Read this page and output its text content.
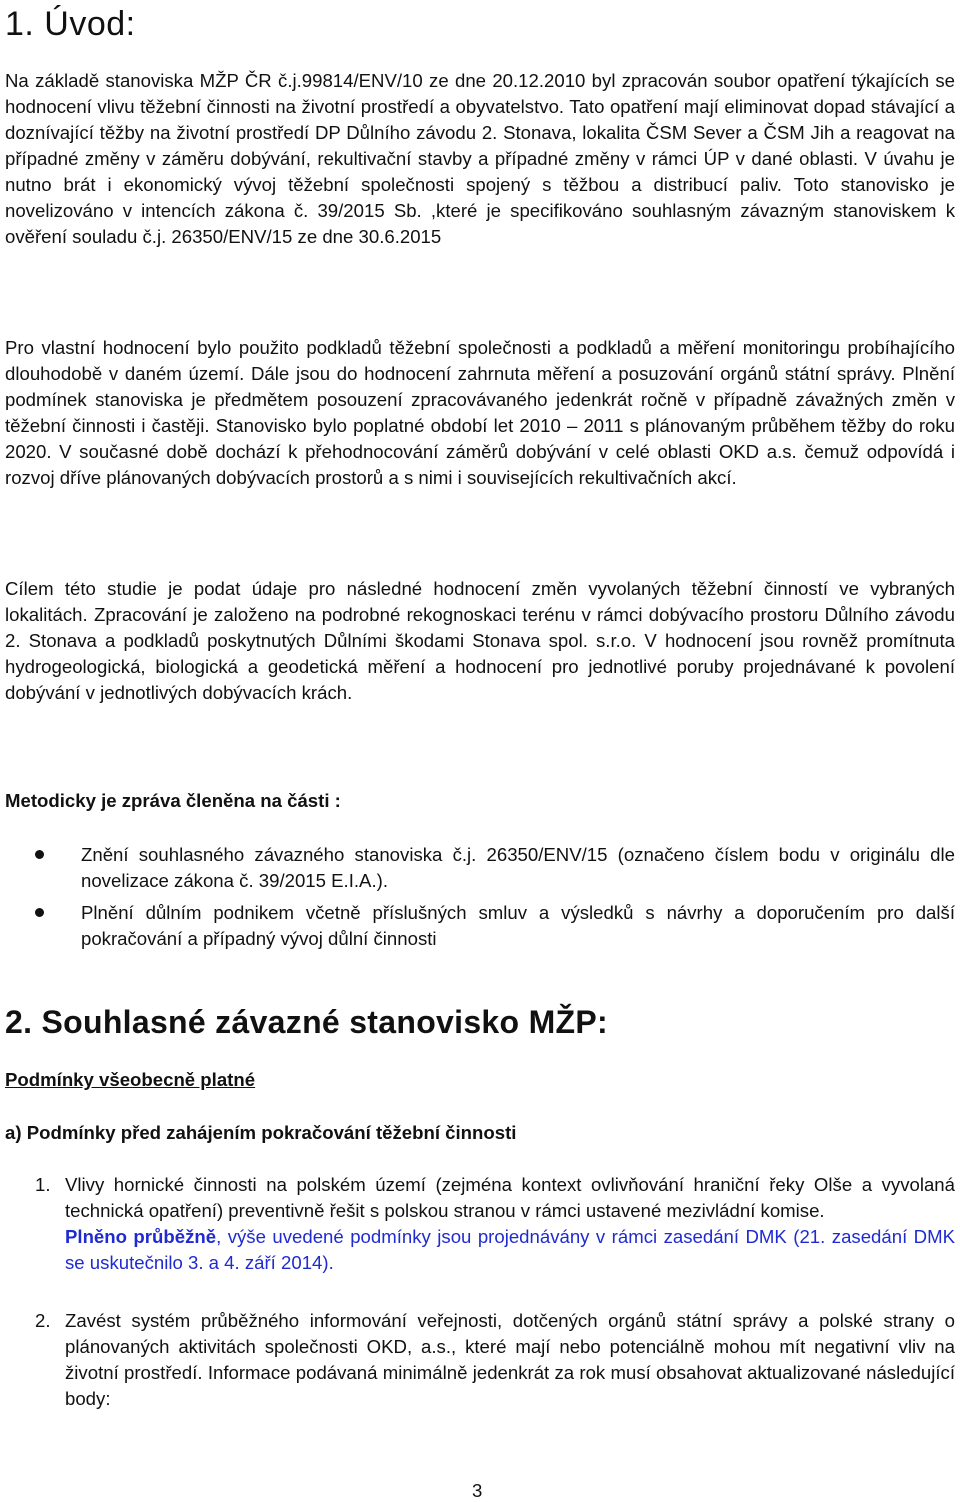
1. Úvod:

Na základě stanoviska MŽP ČR č.j.99814/ENV/10 ze dne 20.12.2010 byl zpracován soubor opatření týkajících se hodnocení vlivu těžební činnosti na životní prostředí a obyvatelstvo. Tato opatření mají eliminovat dopad stávající a doznívající těžby na životní prostředí DP Důlního závodu 2. Stonava, lokalita ČSM Sever a ČSM Jih a reagovat na případné změny v záměru dobývání, rekultivační stavby a případné změny v rámci ÚP v dané oblasti. V úvahu je nutno brát i ekonomický vývoj těžební společnosti spojený s těžbou a distribucí paliv. Toto stanovisko je novelizováno v intencích zákona č. 39/2015 Sb. ,které je specifikováno souhlasným závazným stanoviskem k ověření souladu č.j. 26350/ENV/15 ze dne 30.6.2015

Pro vlastní hodnocení bylo použito podkladů těžební společnosti a podkladů a měření monitoringu probíhajícího dlouhodobě v daném území. Dále jsou do hodnocení zahrnuta měření a posuzování orgánů státní správy. Plnění podmínek stanoviska je předmětem posouzení zpracovávaného jedenkrát ročně v případně závažných změn v těžební činnosti i častěji. Stanovisko bylo poplatné období let 2010 – 2011 s plánovaným průběhem těžby do roku 2020. V současné době dochází k přehodnocování záměrů dobývání v celé oblasti OKD a.s. čemuž odpovídá i rozvoj dříve plánovaných dobývacích prostorů a s nimi i souvisejících rekultivačních akcí.

Cílem této studie je podat údaje pro následné hodnocení změn vyvolaných těžební činností ve vybraných lokalitách. Zpracování je založeno na podrobné rekognoskaci terénu v rámci dobývacího prostoru Důlního závodu 2. Stonava a podkladů poskytnutých Důlními škodami Stonava spol. s.r.o. V hodnocení jsou rovněž promítnuta hydrogeologická, biologická a geodetická měření a hodnocení pro jednotlivé poruby projednávané k povolení dobývání v jednotlivých dobývacích krách.

Metodicky je zpráva členěna na části :

Znění souhlasného závazného stanoviska č.j. 26350/ENV/15 (označeno číslem bodu v originálu dle novelizace zákona č. 39/2015 E.I.A.).
Plnění důlním podnikem včetně příslušných smluv a výsledků s návrhy a doporučením pro další pokračování a případný vývoj důlní činnosti
2. Souhlasné závazné stanovisko MŽP:

Podmínky všeobecně platné

a) Podmínky před zahájením pokračování těžební činnosti

1. Vlivy hornické činnosti na polském území (zejména kontext ovlivňování hraniční řeky Olše a vyvolaná technická opatření) preventivně řešit s polskou stranou v rámci ustavené mezivládní komise.
Plněno průběžně, výše uvedené podmínky jsou projednávány v rámci zasedání DMK (21. zasedání DMK se uskutečnilo 3. a 4. září 2014).
2. Zavést systém průběžného informování veřejnosti, dotčených orgánů státní správy a polské strany o plánovaných aktivitách společnosti OKD, a.s., které mají nebo potenciálně mohou mít negativní vliv na životní prostředí. Informace podávaná minimálně jedenkrát za rok musí obsahovat aktualizované následující body:
3
